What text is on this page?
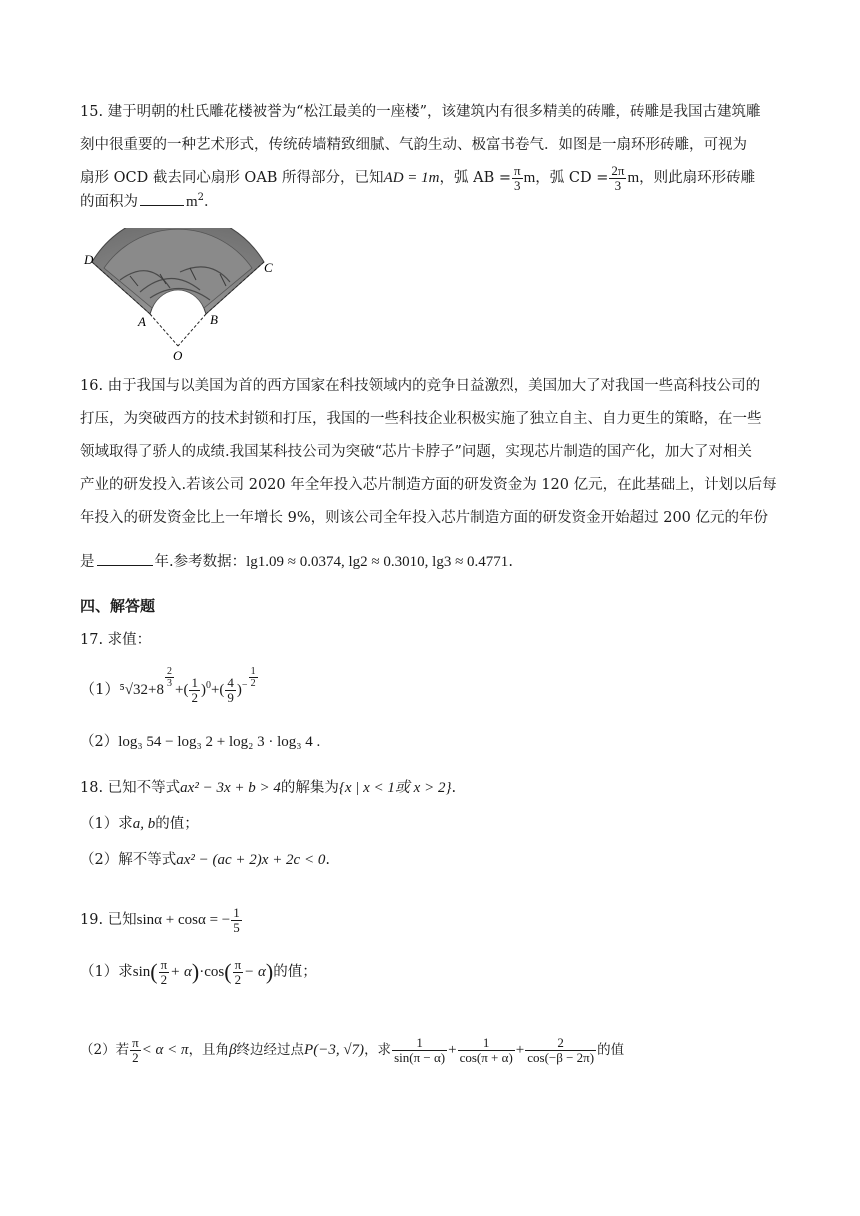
15. 建于明朝的杜氏雕花楼被誉为“松江最美的一座楼”，该建筑内有很多精美的砖雕，砖雕是我国古建筑雕
刻中很重要的一种艺术形式，传统砖墙精致细腻、气韵生动、极富书卷气．如图是一扇环形砖雕，可视为
扇形 OCD 截去同心扇形 OAB 所得部分，已知AD = 1m，弧 AB = $\frac{\pi}{3}$ m，弧 CD = $\frac{2\pi}{3}$ m，则此扇环形砖雕
的面积为	$m^2$．
D
C
A	B
O
16. 由于我国与以美国为首的西方国家在科技领域内的竞争日益激烈，美国加大了对我国一些高科技公司的
打压，为突破西方的技术封锁和打压，我国的一些科技企业积极实施了独立自主、自力更生的策略，在一些
领域取得了骄人的成绩.我国某科技公司为突破“芯片卡脖子”问题，实现芯片制造的国产化，加大了对相关
产业的研发投入.若该公司 2020 年全年投入芯片制造方面的研发资金为 120 亿元，在此基础上，计划以后每
年投入的研发资金比上一年增长 9%，则该公司全年投入芯片制造方面的研发资金开始超过 200 亿元的年份
是	年.参考数据：lg1.09 ≈ 0.0374, lg2 ≈ 0.3010, lg3 ≈ 0.4771.
四、解答题
17. 求值：
（1）⁵√32+8
$\frac{2}{3}$
+( $\frac{1}{2} )^0+( \frac{4}{9} )^- \frac{1}{2}$
（2）log₃ 54 − log₃ 2 + log₂ 3 · log₃ 4 .
18. 已知不等式ax² − 3x + b > 4的解集为{x | x < 1或 x > 2}.
（1）求a, b的值；
（2）解不等式ax² − (ac + 2)x + 2c < 0.
19. 已知sinα + cosα = − $\frac{1}{5}$
（1）求$\sin( \frac{\pi}{2} + \alpha)\cdot\cos( \frac{\pi}{2} - \alpha)$的值；
（2）若 $\frac{\pi}{2} < \alpha < \pi$，且角β终边经过点P(−3, √7)，求 $\frac{1}{\sin(\pi - \alpha)} + \frac{1}{\cos(\pi + \alpha)} + \frac{2}{\cos(-\beta - 2\pi)}$ 的值
